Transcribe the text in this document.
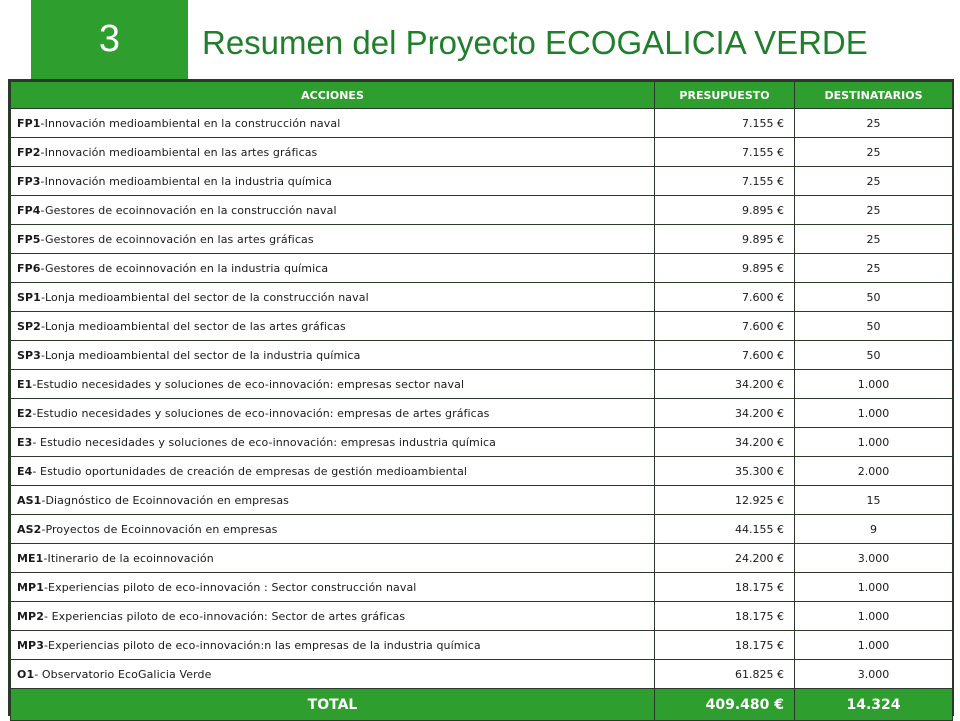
3 Resumen del Proyecto ECOGALICIA VERDE
ACCIONES	PRESUPUESTO	DESTINATARIOS
FP1-Innovación medioambiental en la construcción naval	7.155 €	25
FP2-Innovación medioambiental en las artes gráficas	7.155 €	25
FP3-Innovación medioambiental en la industria química	7.155 €	25
FP4-Gestores de ecoinnovación en la construcción naval	9.895 €	25
FP5-Gestores de ecoinnovación en las artes gráficas	9.895 €	25
FP6-Gestores de ecoinnovación en la industria química	9.895 €	25
SP1-Lonja medioambiental del sector de la construcción naval	7.600 €	50
SP2-Lonja medioambiental del sector de las artes gráficas	7.600 €	50
SP3-Lonja medioambiental del sector de la industria química	7.600 €	50
E1-Estudio necesidades y soluciones de eco-innovación: empresas sector naval	34.200 €	1.000
E2-Estudio necesidades y soluciones de eco-innovación: empresas de artes gráficas	34.200 €	1.000
E3- Estudio necesidades y soluciones de eco-innovación: empresas industria química	34.200 €	1.000
E4- Estudio oportunidades de creación de empresas de gestión medioambiental	35.300 €	2.000
AS1-Diagnóstico de Ecoinnovación en empresas	12.925 €	15
AS2-Proyectos de Ecoinnovación en empresas	44.155 €	9
ME1-Itinerario de la ecoinnovación	24.200 €	3.000
MP1-Experiencias piloto de eco-innovación : Sector construcción naval	18.175 €	1.000
MP2- Experiencias piloto de eco-innovación: Sector de artes gráficas	18.175 €	1.000
MP3-Experiencias piloto de eco-innovación:n las empresas de la industria química	18.175 €	1.000
O1- Observatorio EcoGalicia Verde	61.825 €	3.000
TOTAL	409.480 €	14.324
